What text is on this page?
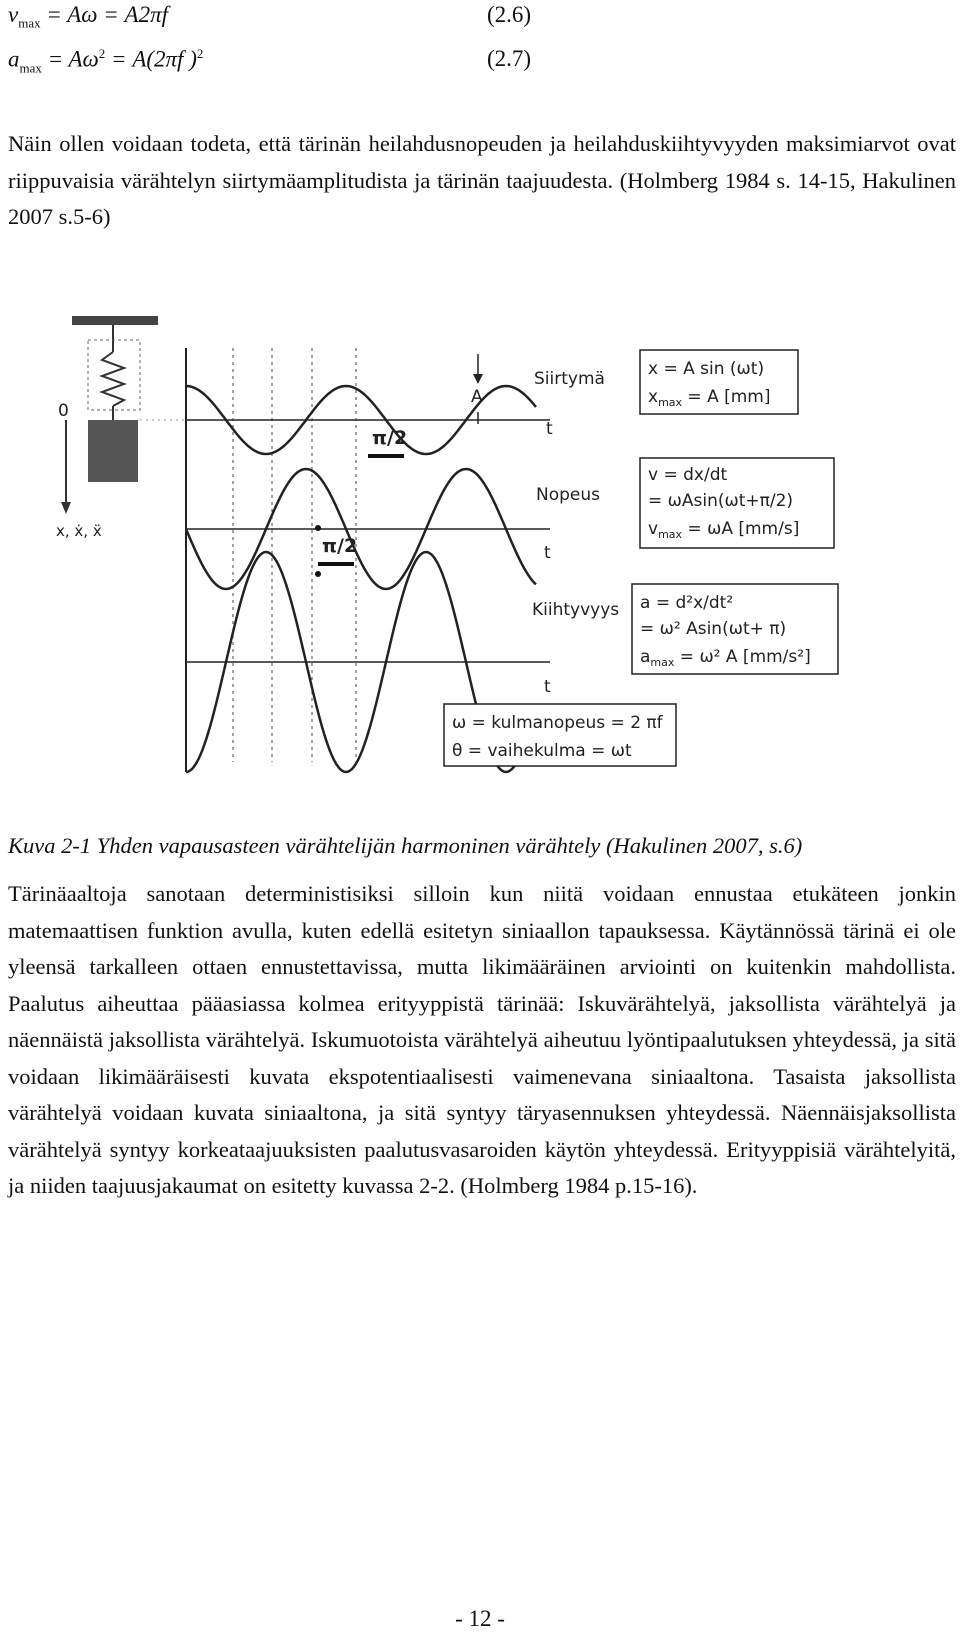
$v_{max} = A\omega = A2\pi f$	(2.6)
$a_{max} = A\omega^2 = A(2\pi f$ )$^2$	(2.7)

Näin ollen voidaan todeta, että tärinän heilahdusnopeuden ja heilahduskiihtyvyyden maksimiarvot ovat riippuvaisia värähtelyn siirtymäamplitudista ja tärinän taajuudesta. (Holmberg 1984 s. 14-15, Hakulinen 2007 s.5-6)

0
x, ẋ, ẍ
A
π/2
π/2
Siirtymä
t
Nopeus
t
Kiihtyvyys
t
x = A sin (ωt)
$x_{max} = A$ [mm]
v = dx/dt
= ωAsin(ωt+π/2)
$v_{max} = \omega A$ [mm/s]
a = d²x/dt²
= ω² Asin(ωt+ π)
$a_{max} = \omega^2$ A [mm/s²]
ω = kulmanopeus = 2 πf
θ = vaihekulma = ωt

Kuva 2-1 Yhden vapausasteen värähtelijän harmoninen värähtely (Hakulinen 2007, s.6)

Tärinäaaltoja sanotaan deterministisiksi silloin kun niitä voidaan ennustaa etukäteen jonkin matemaattisen funktion avulla, kuten edellä esitetyn siniaallon tapauksessa. Käytännössä tärinä ei ole yleensä tarkalleen ottaen ennustettavissa, mutta likimääräinen arviointi on kuitenkin mahdollista. Paalutus aiheuttaa pääasiassa kolmea erityyppistä tärinää: Iskuvärähtelyä, jaksollista värähtelyä ja näennäistä jaksollista värähtelyä. Iskumuotoista värähtelyä aiheutuu lyöntipaalutuksen yhteydessä, ja sitä voidaan likimääräisesti kuvata ekspotentiaalisesti vaimenevana siniaaltona. Tasaista jaksollista värähtelyä voidaan kuvata siniaaltona, ja sitä syntyy täryasennuksen yhteydessä. Näennäisjaksollista värähtelyä syntyy korkeataajuuksisten paalutusvasaroiden käytön yhteydessä. Erityyppisiä värähtelyitä, ja niiden taajuusjakaumat on esitetty kuvassa 2-2. (Holmberg 1984 p.15-16).

- 12 -
